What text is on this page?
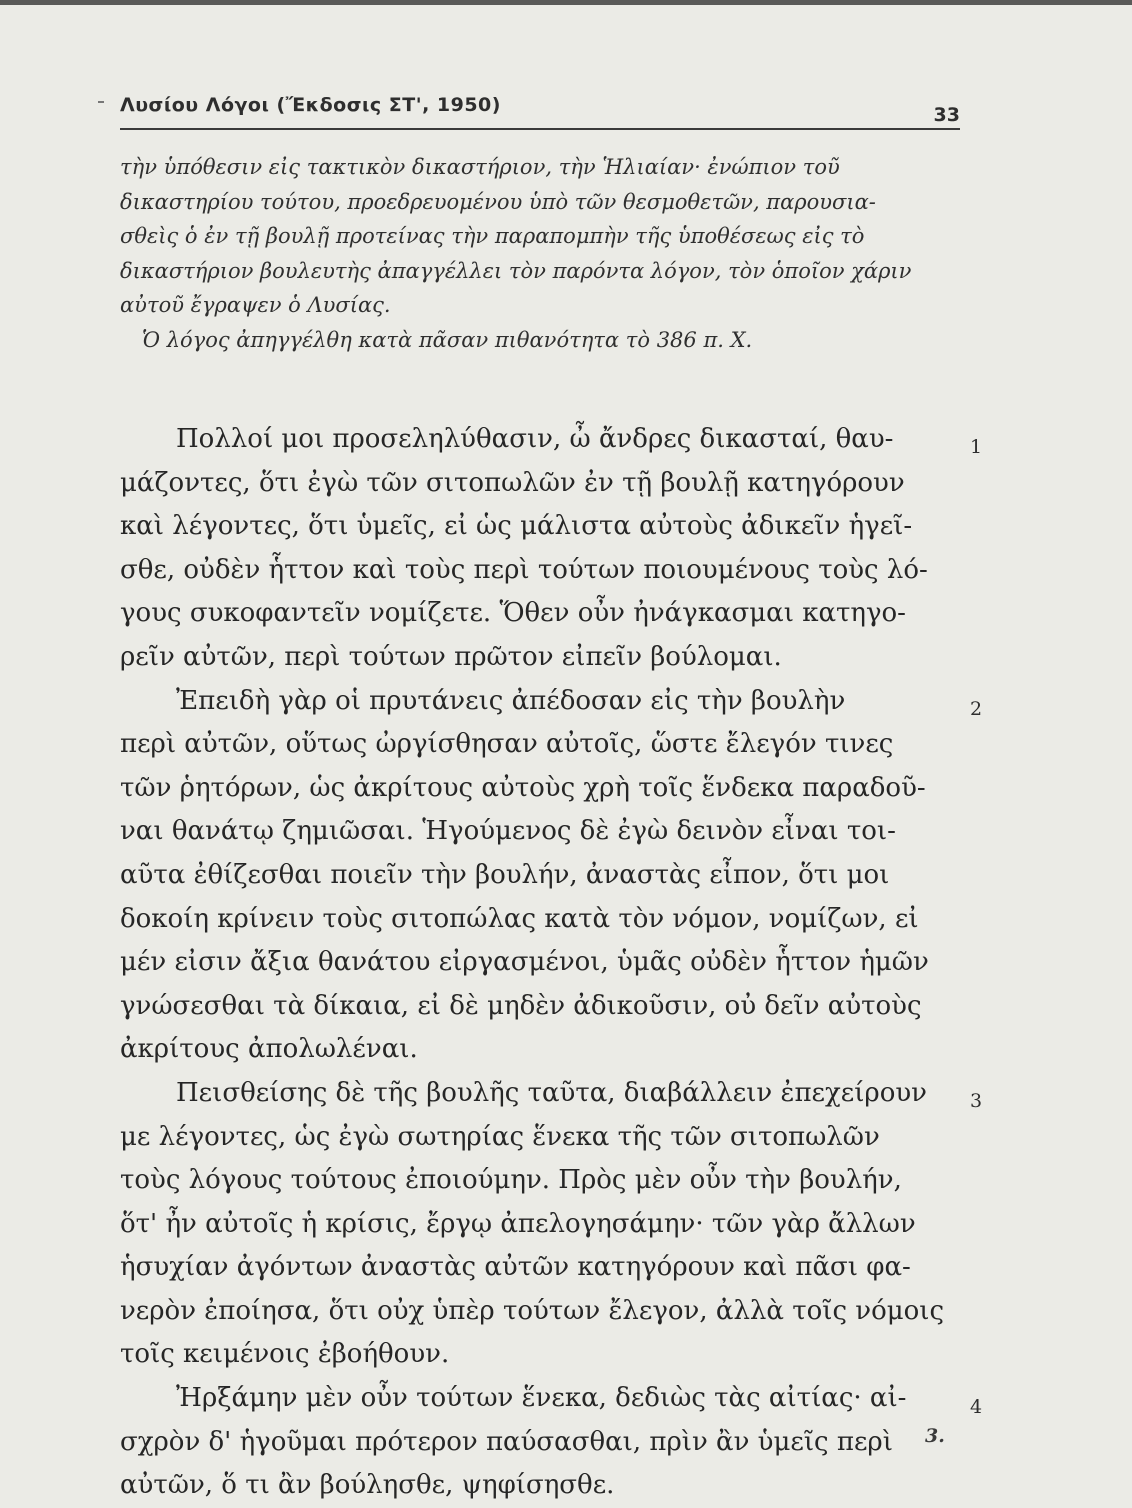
Λυσίου Λόγοι (Ἔκδοσις ΣΤ', 1950)	33
τὴν ὑπόθεσιν εἰς τακτικὸν δικαστήριον, τὴν Ἡλιαίαν· ἐνώπιον τοῦ
δικαστηρίου τούτου, προεδρευομένου ὑπὸ τῶν θεσμοθετῶν, παρουσια-
σθεὶς ὁ ἐν τῇ βουλῇ προτείνας τὴν παραπομπὴν τῆς ὑποθέσεως εἰς τὸ
δικαστήριον βουλευτὴς ἀπαγγέλλει τὸν παρόντα λόγον, τὸν ὁποῖον χάριν
αὐτοῦ ἔγραψεν ὁ Λυσίας.
Ὁ λόγος ἀπηγγέλθη κατὰ πᾶσαν πιθανότητα τὸ 386 π. Χ.
Πολλοί μοι προσεληλύθασιν, ὦ ἄνδρες δικασταί, θαυ-
μάζοντες, ὅτι ἐγὼ τῶν σιτοπωλῶν ἐν τῇ βουλῇ κατηγόρουν
καὶ λέγοντες, ὅτι ὑμεῖς, εἰ ὡς μάλιστα αὐτοὺς ἀδικεῖν ἡγεῖ-
σθε, οὐδὲν ἧττον καὶ τοὺς περὶ τούτων ποιουμένους τοὺς λό-
γους συκοφαντεῖν νομίζετε. Ὅθεν οὖν ἠνάγκασμαι κατηγο-
ρεῖν αὐτῶν, περὶ τούτων πρῶτον εἰπεῖν βούλομαι.
Ἐπειδὴ γὰρ οἱ πρυτάνεις ἀπέδοσαν εἰς τὴν βουλὴν
περὶ αὐτῶν, οὕτως ὠργίσθησαν αὐτοῖς, ὥστε ἔλεγόν τινες
τῶν ῥητόρων, ὡς ἀκρίτους αὐτοὺς χρὴ τοῖς ἕνδεκα παραδοῦ-
ναι θανάτῳ ζημιῶσαι. Ἡγούμενος δὲ ἐγὼ δεινὸν εἶναι τοι-
αῦτα ἐθίζεσθαι ποιεῖν τὴν βουλήν, ἀναστὰς εἶπον, ὅτι μοι
δοκοίη κρίνειν τοὺς σιτοπώλας κατὰ τὸν νόμον, νομίζων, εἰ
μέν εἰσιν ἄξια θανάτου εἰργασμένοι, ὑμᾶς οὐδὲν ἧττον ἡμῶν
γνώσεσθαι τὰ δίκαια, εἰ δὲ μηδὲν ἀδικοῦσιν, οὐ δεῖν αὐτοὺς
ἀκρίτους ἀπολωλέναι.
Πεισθείσης δὲ τῆς βουλῆς ταῦτα, διαβάλλειν ἐπεχείρουν
με λέγοντες, ὡς ἐγὼ σωτηρίας ἕνεκα τῆς τῶν σιτοπωλῶν
τοὺς λόγους τούτους ἐποιούμην. Πρὸς μὲν οὖν τὴν βουλήν,
ὅτ' ἦν αὐτοῖς ἡ κρίσις, ἔργῳ ἀπελογησάμην· τῶν γὰρ ἄλλων
ἡσυχίαν ἀγόντων ἀναστὰς αὐτῶν κατηγόρουν καὶ πᾶσι φα-
νερὸν ἐποίησα, ὅτι οὐχ ὑπὲρ τούτων ἔλεγον, ἀλλὰ τοῖς νόμοις
τοῖς κειμένοις ἐβοήθουν.
Ἠρξάμην μὲν οὖν τούτων ἕνεκα, δεδιὼς τὰς αἰτίας· αἰ-
σχρὸν δ' ἡγοῦμαι πρότερον παύσασθαι, πρὶν ἂν ὑμεῖς περὶ
αὐτῶν, ὅ τι ἂν βούλησθε, ψηφίσησθε.
1
2
3
4
3.
